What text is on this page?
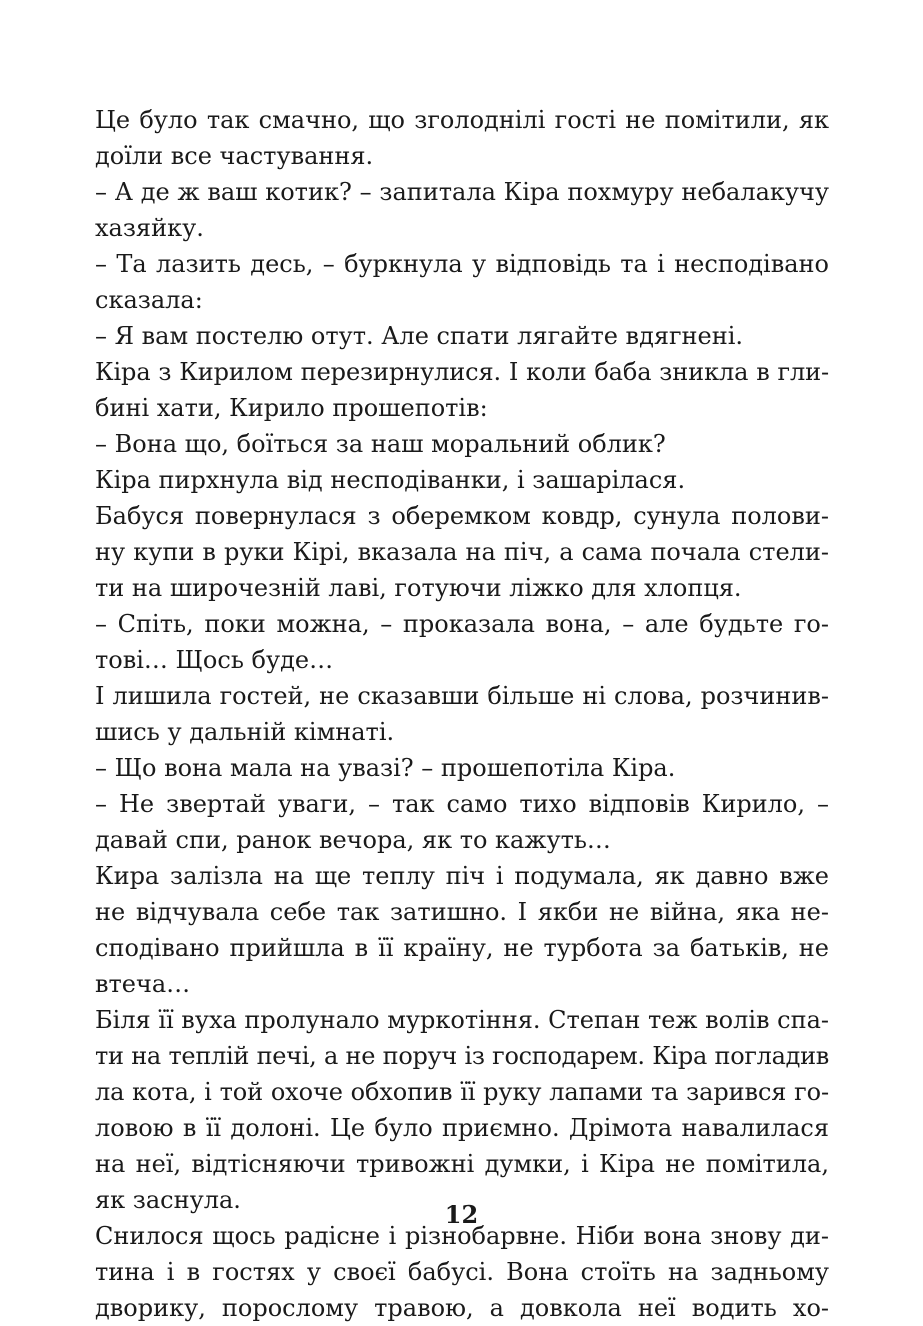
Це було так смачно, що зголоднілі гості не помітили, як
доїли все частування.
– А де ж ваш котик? – запитала Кіра похмуру небалакучу
хазяйку.
– Та лазить десь, – буркнула у відповідь та і несподівано
сказала:
– Я вам постелю отут. Але спати лягайте вдягнені.
Кіра з Кирилом перезирнулися. І коли баба зникла в гли-
бині хати, Кирило прошепотів:
– Вона що, боїться за наш моральний облик?
Кіра пирхнула від несподіванки, і зашарілася.
Бабуся повернулася з оберемком ковдр, сунула полови-
ну купи в руки Кірі, вказала на піч, а сама почала стели-
ти на широчезній лаві, готуючи ліжко для хлопця.
– Спіть, поки можна, – проказала вона, – але будьте го-
тові… Щось буде…
І лишила гостей, не сказавши більше ні слова, розчинив-
шись у дальній кімнаті.
– Що вона мала на увазі? – прошепотіла Кіра.
– Не звертай уваги, – так само тихо відповів Кирило, –
давай спи, ранок вечора, як то кажуть…
Кира залізла на ще теплу піч і подумала, як давно вже
не відчувала себе так затишно. І якби не війна, яка не-
сподівано прийшла в її країну, не турбота за батьків, не
втеча…
Біля її вуха пролунало муркотіння. Степан теж волів спа-
ти на теплій печі, а не поруч із господарем. Кіра погладив
ла кота, і той охоче обхопив її руку лапами та зарився го-
ловою в її долоні. Це було приємно. Дрімота навалилася
на неї, відтісняючи тривожні думки, і Кіра не помітила,
як заснула.
Снилося щось радісне і різнобарвне. Ніби вона знову ди-
тина і в гостях у своєї бабусі. Вона стоїть на задньому
дворику, порослому травою, а довкола неї водить хо-
12
